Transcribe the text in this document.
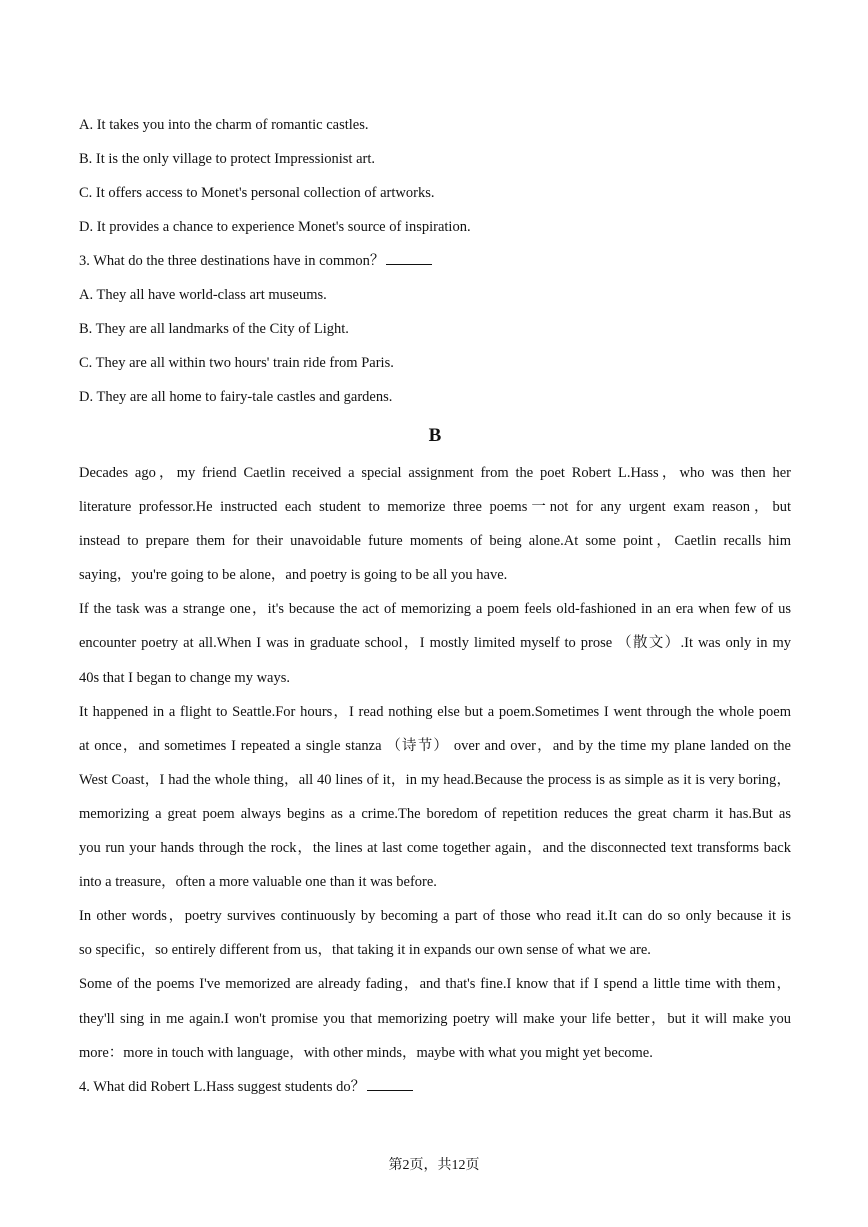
A. It takes you into the charm of romantic castles.
B. It is the only village to protect Impressionist art.
C. It offers access to Monet's personal collection of artworks.
D. It provides a chance to experience Monet's source of inspiration.
3. What do the three destinations have in common？
A. They all have world-class art museums.
B. They are all landmarks of the City of Light.
C. They are all within two hours' train ride from Paris.
D. They are all home to fairy-tale castles and gardens.
B
Decades ago，my friend Caetlin received a special assignment from the poet Robert L.Hass，who was then her
literature professor.He instructed each student to memorize three poems一not for any urgent exam reason，but
instead to prepare them for their unavoidable future moments of being alone.At some point，Caetlin recalls him
saying，you're going to be alone，and poetry is going to be all you have.
If the task was a strange one，it's because the act of memorizing a poem feels old-fashioned in an era when few of us
encounter poetry at all.When I was in graduate school，I mostly limited myself to prose （散文）.It was only in my
40s that I began to change my ways.
It happened in a flight to Seattle.For hours，I read nothing else but a poem.Sometimes I went through the whole poem
at once，and sometimes I repeated a single stanza （诗节） over and over，and by the time my plane landed on the
West Coast，I had the whole thing，all 40 lines of it，in my head.Because the process is as simple as it is very boring，
memorizing a great poem always begins as a crime.The boredom of repetition reduces the great charm it has.But as
you run your hands through the rock，the lines at last come together again，and the disconnected text transforms back
into a treasure，often a more valuable one than it was before.
In other words，poetry survives continuously by becoming a part of those who read it.It can do so only because it is
so specific，so entirely different from us，that taking it in expands our own sense of what we are.
Some of the poems I've memorized are already fading，and that's fine.I know that if I spend a little time with them，
they'll sing in me again.I won't promise you that memorizing poetry will make your life better，but it will make you
more：more in touch with language，with other minds，maybe with what you might yet become.
4. What did Robert L.Hass suggest students do？
第2页，共12页
